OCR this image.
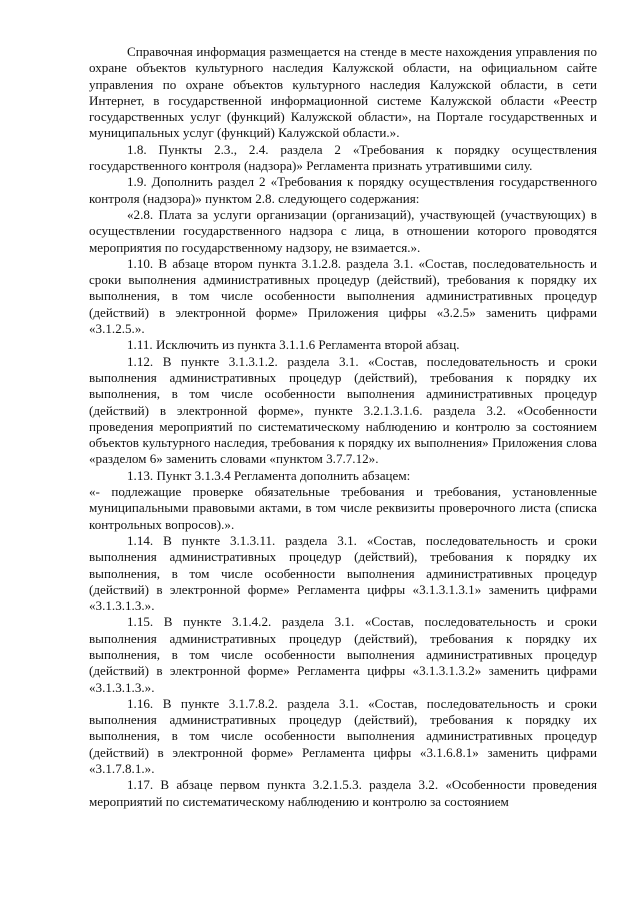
Справочная информация размещается на стенде в месте нахождения управления по охране объектов культурного наследия Калужской области, на официальном сайте управления по охране объектов культурного наследия Калужской области, в сети Интернет, в государственной информационной системе Калужской области «Реестр государственных услуг (функций) Калужской области», на Портале государственных и муниципальных услуг (функций) Калужской области.».

1.8. Пункты 2.3., 2.4. раздела 2 «Требования к порядку осуществления государственного контроля (надзора)» Регламента признать утратившими силу.

1.9. Дополнить раздел 2 «Требования к порядку осуществления государственного контроля (надзора)» пунктом 2.8. следующего содержания:

«2.8. Плата за услуги организации (организаций), участвующей (участвующих) в осуществлении государственного надзора с лица, в отношении которого проводятся мероприятия по государственному надзору, не взимается.».

1.10. В абзаце втором пункта 3.1.2.8. раздела 3.1. «Состав, последовательность и сроки выполнения административных процедур (действий), требования к порядку их выполнения, в том числе особенности выполнения административных процедур (действий) в электронной форме» Приложения цифры «3.2.5» заменить цифрами «3.1.2.5.».

1.11. Исключить из пункта 3.1.1.6 Регламента второй абзац.

1.12. В пункте 3.1.3.1.2. раздела 3.1. «Состав, последовательность и сроки выполнения административных процедур (действий), требования к порядку их выполнения, в том числе особенности выполнения административных процедур (действий) в электронной форме», пункте 3.2.1.3.1.6. раздела 3.2. «Особенности проведения мероприятий по систематическому наблюдению и контролю за состоянием объектов культурного наследия, требования к порядку их выполнения» Приложения слова «разделом 6» заменить словами «пунктом 3.7.7.12».

1.13. Пункт 3.1.3.4 Регламента дополнить абзацем:

«- подлежащие проверке обязательные требования и требования, установленные муниципальными правовыми актами, в том числе реквизиты проверочного листа (списка контрольных вопросов).».

1.14. В пункте 3.1.3.11. раздела 3.1. «Состав, последовательность и сроки выполнения административных процедур (действий), требования к порядку их выполнения, в том числе особенности выполнения административных процедур (действий) в электронной форме» Регламента цифры «3.1.3.1.3.1» заменить цифрами «3.1.3.1.3.».

1.15. В пункте 3.1.4.2. раздела 3.1. «Состав, последовательность и сроки выполнения административных процедур (действий), требования к порядку их выполнения, в том числе особенности выполнения административных процедур (действий) в электронной форме» Регламента цифры «3.1.3.1.3.2» заменить цифрами «3.1.3.1.3.».

1.16. В пункте 3.1.7.8.2. раздела 3.1. «Состав, последовательность и сроки выполнения административных процедур (действий), требования к порядку их выполнения, в том числе особенности выполнения административных процедур (действий) в электронной форме» Регламента цифры «3.1.6.8.1» заменить цифрами «3.1.7.8.1.».

1.17. В абзаце первом пункта 3.2.1.5.3. раздела 3.2. «Особенности проведения мероприятий по систематическому наблюдению и контролю за состоянием
